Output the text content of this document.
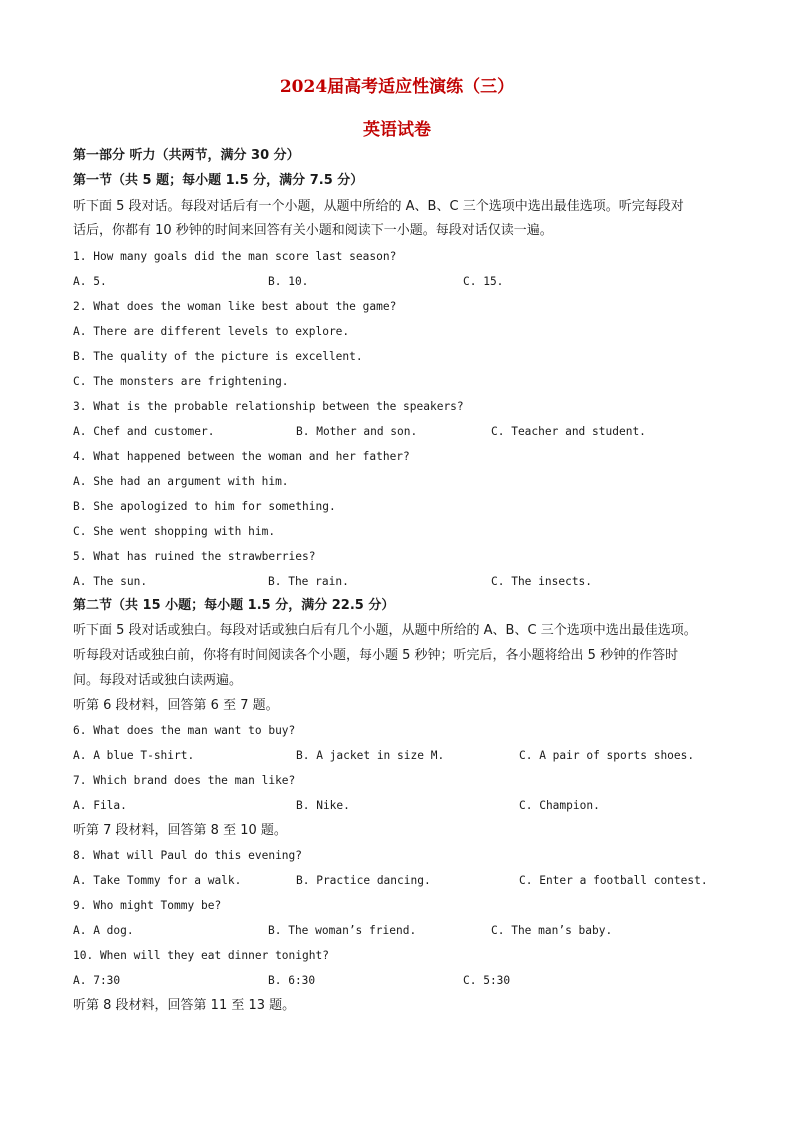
2024届高考适应性演练（三）
英语试卷
第一部分 听力（共两节，满分 30 分）
第一节（共 5 题；每小题 1.5 分，满分 7.5 分）
听下面 5 段对话。每段对话后有一个小题，从题中所给的 A、B、C 三个选项中选出最佳选项。听完每段对
话后，你都有 10 秒钟的时间来回答有关小题和阅读下一小题。每段对话仅读一遍。
1. How many goals did the man score last season?
A. 5.	B. 10.	C. 15.
2. What does the woman like best about the game?
A. There are different levels to explore.
B. The quality of the picture is excellent.
C. The monsters are frightening.
3. What is the probable relationship between the speakers?
A. Chef and customer.	B. Mother and son.	C. Teacher and student.
4. What happened between the woman and her father?
A. She had an argument with him.
B. She apologized to him for something.
C. She went shopping with him.
5. What has ruined the strawberries?
A. The sun.	B. The rain.	C. The insects.
第二节（共 15 小题；每小题 1.5 分，满分 22.5 分）
听下面 5 段对话或独白。每段对话或独白后有几个小题，从题中所给的 A、B、C 三个选项中选出最佳选项。
听每段对话或独白前，你将有时间阅读各个小题，每小题 5 秒钟；听完后，各小题将给出 5 秒钟的作答时
间。每段对话或独白读两遍。
听第 6 段材料，回答第 6 至 7 题。
6. What does the man want to buy?
A. A blue T-shirt.	B. A jacket in size M.	C. A pair of sports shoes.
7. Which brand does the man like?
A. Fila.	B. Nike.	C. Champion.
听第 7 段材料，回答第 8 至 10 题。
8. What will Paul do this evening?
A. Take Tommy for a walk.	B. Practice dancing.	C. Enter a football contest.
9. Who might Tommy be?
A. A dog.	B. The woman’s friend.	C. The man’s baby.
10. When will they eat dinner tonight?
A. 7:30	B. 6:30	C. 5:30
听第 8 段材料，回答第 11 至 13 题。
